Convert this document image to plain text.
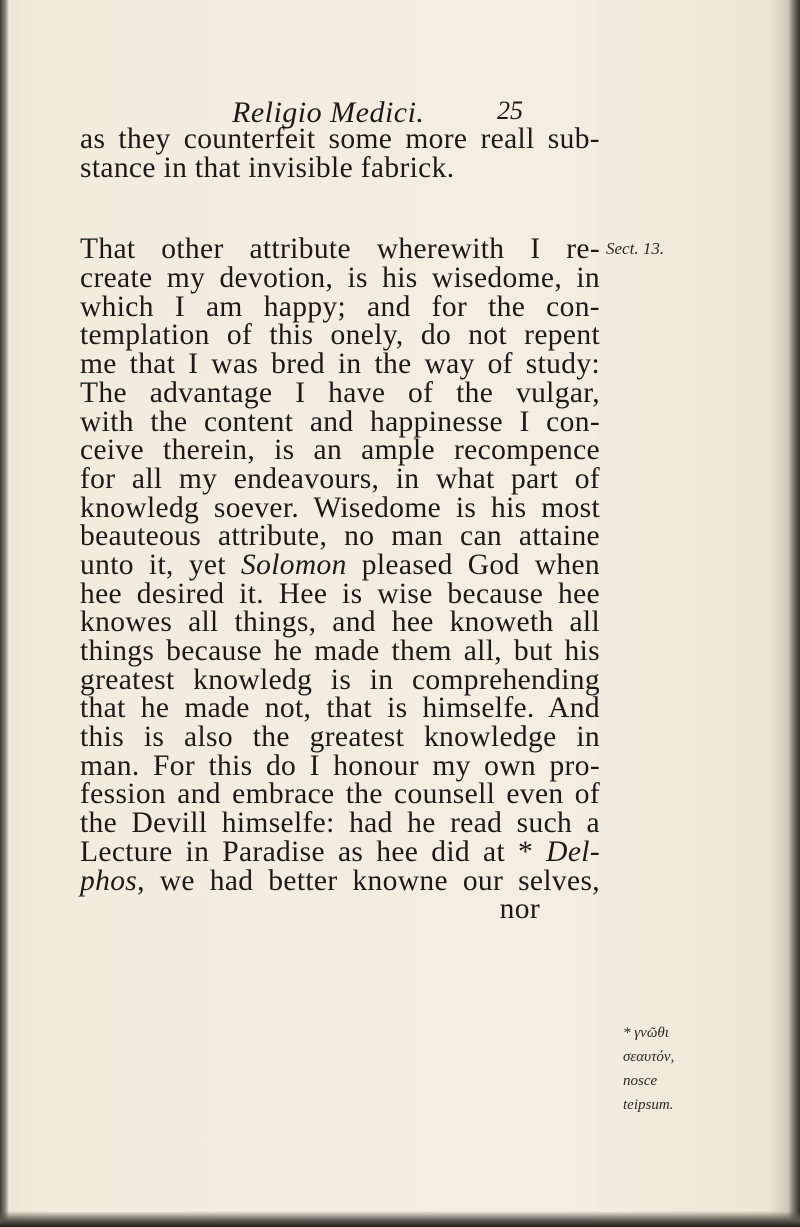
Religio Medici.	25
as they counterfeit some more reall sub-
stance in that invisible fabrick.
That other attribute wherewith I re-
create my devotion, is his wisedome, in
which I am happy; and for the con-
templation of this onely, do not repent
me that I was bred in the way of study:
The advantage I have of the vulgar,
with the content and happinesse I con-
ceive therein, is an ample recompence
for all my endeavours, in what part of
knowledg soever. Wisedome is his most
beauteous attribute, no man can attaine
unto it, yet Solomon pleased God when
hee desired it. Hee is wise because hee
knowes all things, and hee knoweth all
things because he made them all, but his
greatest knowledg is in comprehending
that he made not, that is himselfe. And
this is also the greatest knowledge in
man. For this do I honour my own pro-
fession and embrace the counsell even of
the Devill himselfe: had he read such a
Lecture in Paradise as hee did at * Del-
phos, we had better knowne our selves,
nor
Sect. 13.
* γνῶθι
σεαυτόν,
nosce
teipsum.
